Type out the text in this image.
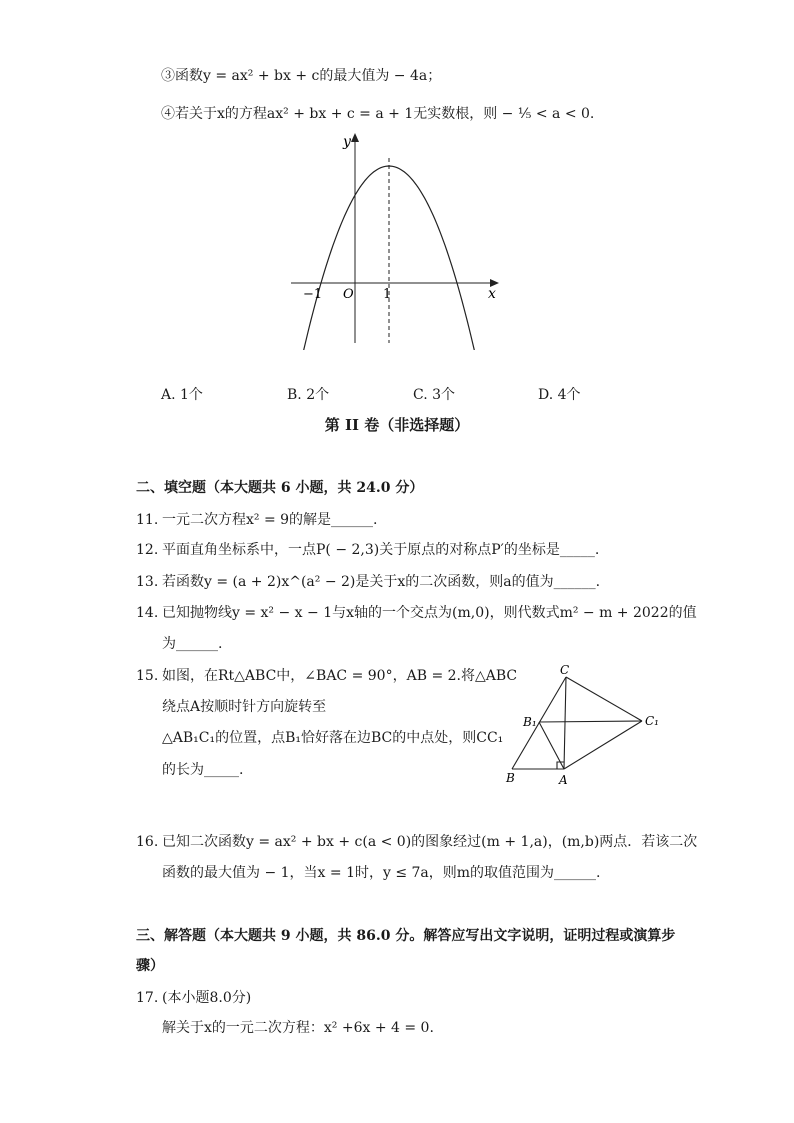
③函数y = ax² + bx + c的最大值为 − 4a；
④若关于x的方程ax² + bx + c = a + 1无实数根，则 − ¹⁄₅ < a < 0.
y
x
O
−1	1
A. 1个	B. 2个	C. 3个	D. 4个
第 II 卷（非选择题）
二、填空题（本大题共 6 小题，共 24.0 分）
11. 一元二次方程x² = 9的解是______.
12. 平面直角坐标系中，一点P( − 2,3)关于原点的对称点P′的坐标是_____.
13. 若函数y = (a + 2)x^(a² − 2)是关于x的二次函数，则a的值为______.
14. 已知抛物线y = x² − x − 1与x轴的一个交点为(m,0)，则代数式m² − m + 2022的值
为______.
15. 如图，在Rt△ABC中，∠BAC = 90°，AB = 2.将△ABC
绕点A按顺时针方向旋转至
△AB₁C₁的位置，点B₁恰好落在边BC的中点处，则CC₁
的长为_____.
C
B₁	C₁
B	A
16. 已知二次函数y = ax² + bx + c(a < 0)的图象经过(m + 1,a)，(m,b)两点．若该二次
函数的最大值为 − 1，当x = 1时，y ≤ 7a，则m的取值范围为______.
三、解答题（本大题共 9 小题，共 86.0 分。解答应写出文字说明，证明过程或演算步
骤）
17. (本小题8.0分)
解关于x的一元二次方程：x² +6x + 4 = 0.
